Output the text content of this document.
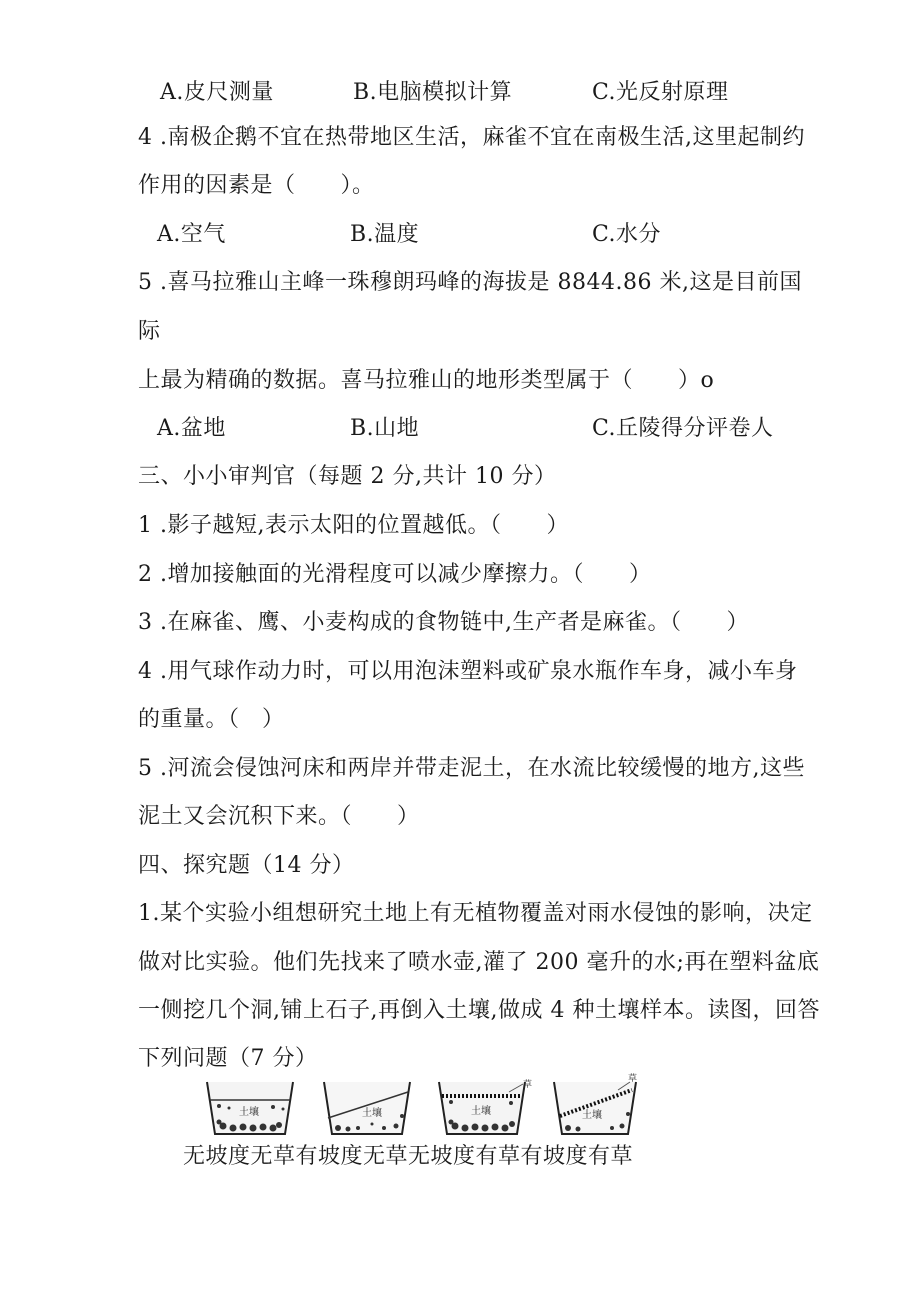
A.皮尺测量	B.电脑模拟计算	C.光反射原理
4 .南极企鹅不宜在热带地区生活，麻雀不宜在南极生活,这里起制约
作用的因素是（　　）。
A.空气	B.温度	C.水分
5 .喜马拉雅山主峰一珠穆朗玛峰的海拔是 8844.86 米,这是目前国
际
上最为精确的数据。喜马拉雅山的地形类型属于（　　）o
A.盆地	B.山地	C.丘陵得分评卷人
三、小小审判官（每题 2 分,共计 10 分）
1 .影子越短,表示太阳的位置越低。（　　）
2 .增加接触面的光滑程度可以减少摩擦力。（　　）
3 .在麻雀、鹰、小麦构成的食物链中,生产者是麻雀。（　　）
4 .用气球作动力时，可以用泡沫塑料或矿泉水瓶作车身，减小车身
的重量。（　）
5 .河流会侵蚀河床和两岸并带走泥土，在水流比较缓慢的地方,这些
泥土又会沉积下来。（　　）
四、探究题（14 分）
1.某个实验小组想研究土地上有无植物覆盖对雨水侵蚀的影响，决定
做对比实验。他们先找来了喷水壶,灌了 200 毫升的水;再在塑料盆底
一侧挖几个洞,铺上石子,再倒入土壤,做成 4 种土壤样本。读图，回答
下列问题（7 分）
土壤	土壤
草
土壤
草
土壤
无坡度无草有坡度无草无坡度有草有坡度有草
